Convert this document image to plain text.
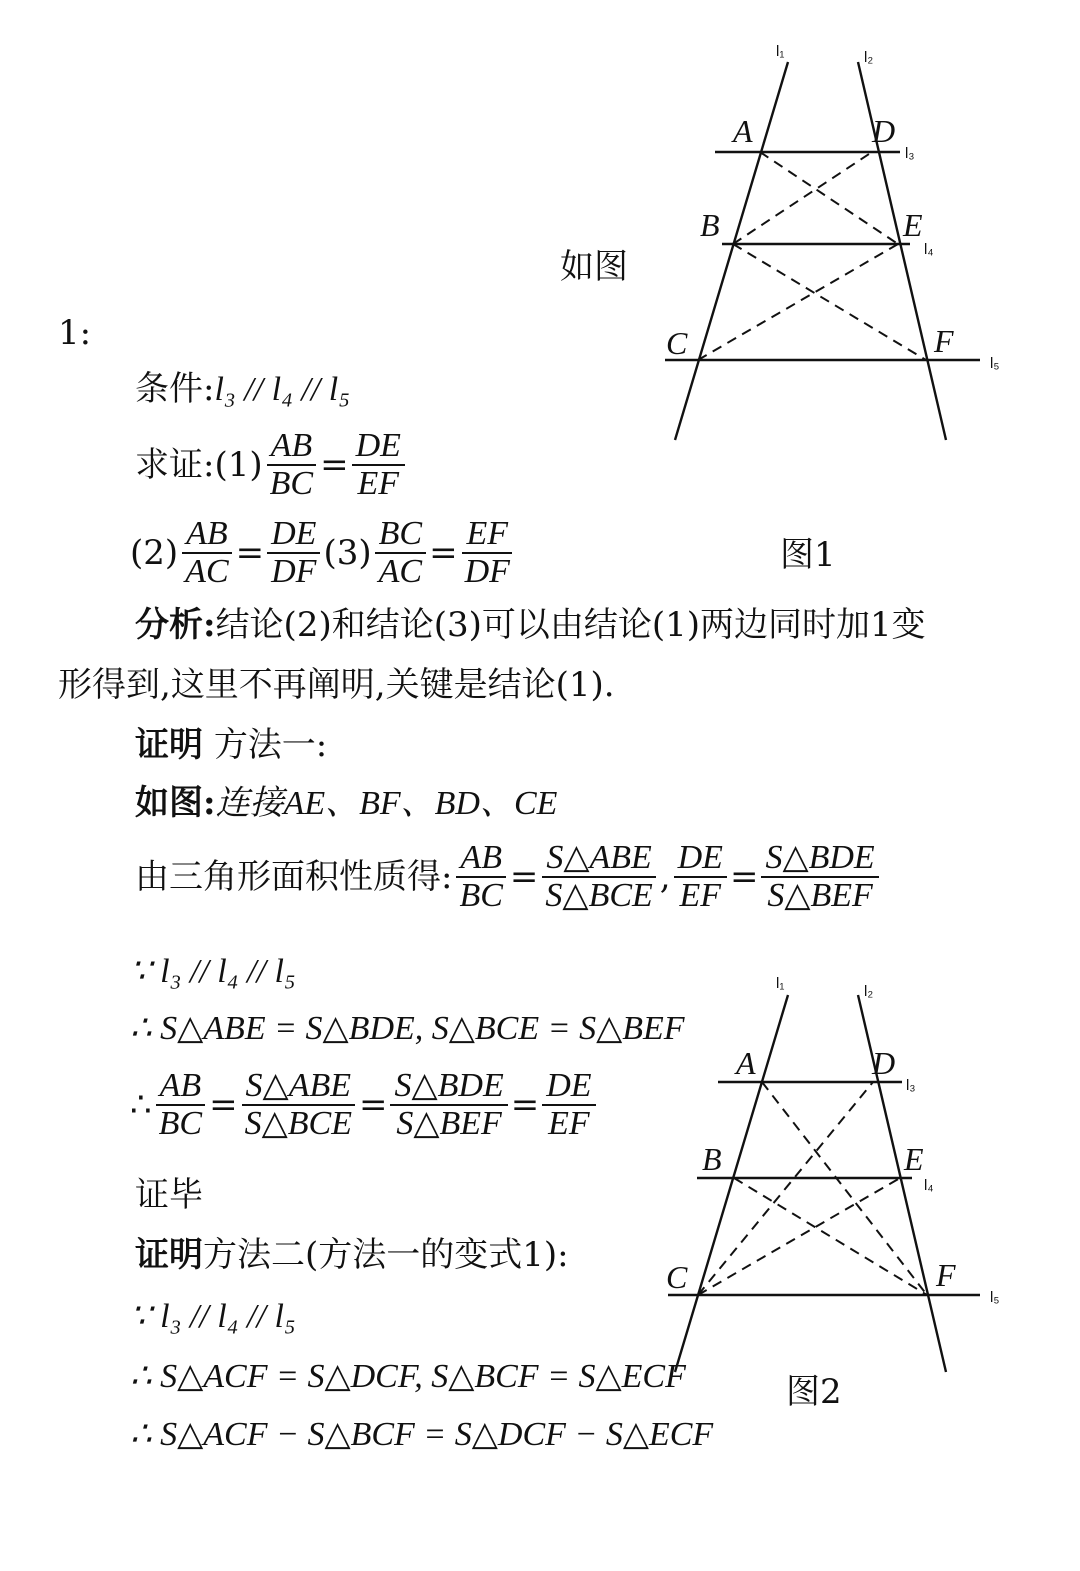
A
B
C
D
E
F
l₁	l₂
l₃
l₄
l₅
A
B
C
D
E
F
l₁	l₂
l₃
l₄
l₅
如图
1:
条件:l₃ // l₄ // l₅
求证: $(1) \frac{AB}{BC} = \frac{DE}{EF}$
$(2) \frac{AB}{AC} = \frac{DE}{DF} (3) \frac{BC}{AC} = \frac{EF}{DF}$	图1
分析:结论(2)和结论(3)可以由结论(1)两边同时加1变
形得到,这里不再阐明,关键是结论(1).
证明 方法一:
如图:连接AE、BF、BD、CE
由三角形面积性质得: $\frac{AB}{BC} = \frac{\text{S△ABE}}{\text{S△BCE}}$ , $\frac{DE}{EF} = \frac{\text{S△BDE}}{\text{S△BEF}}$
∵ l₃ // l₄ // l₅
∴ S△ABE = S△BDE, S△BCE = S△BEF
∴ $\frac{AB}{BC} = \frac{\text{S△ABE}}{\text{S△BCE}} = \frac{\text{S△BDE}}{\text{S△BEF}} = \frac{DE}{EF}$
证毕
证明方法二(方法一的变式1):
∵ l₃ // l₄ // l₅
∴ S△ACF = S△DCF, S△BCF = S△ECF
∴ S△ACF − S△BCF = S△DCF − S△ECF
图2
